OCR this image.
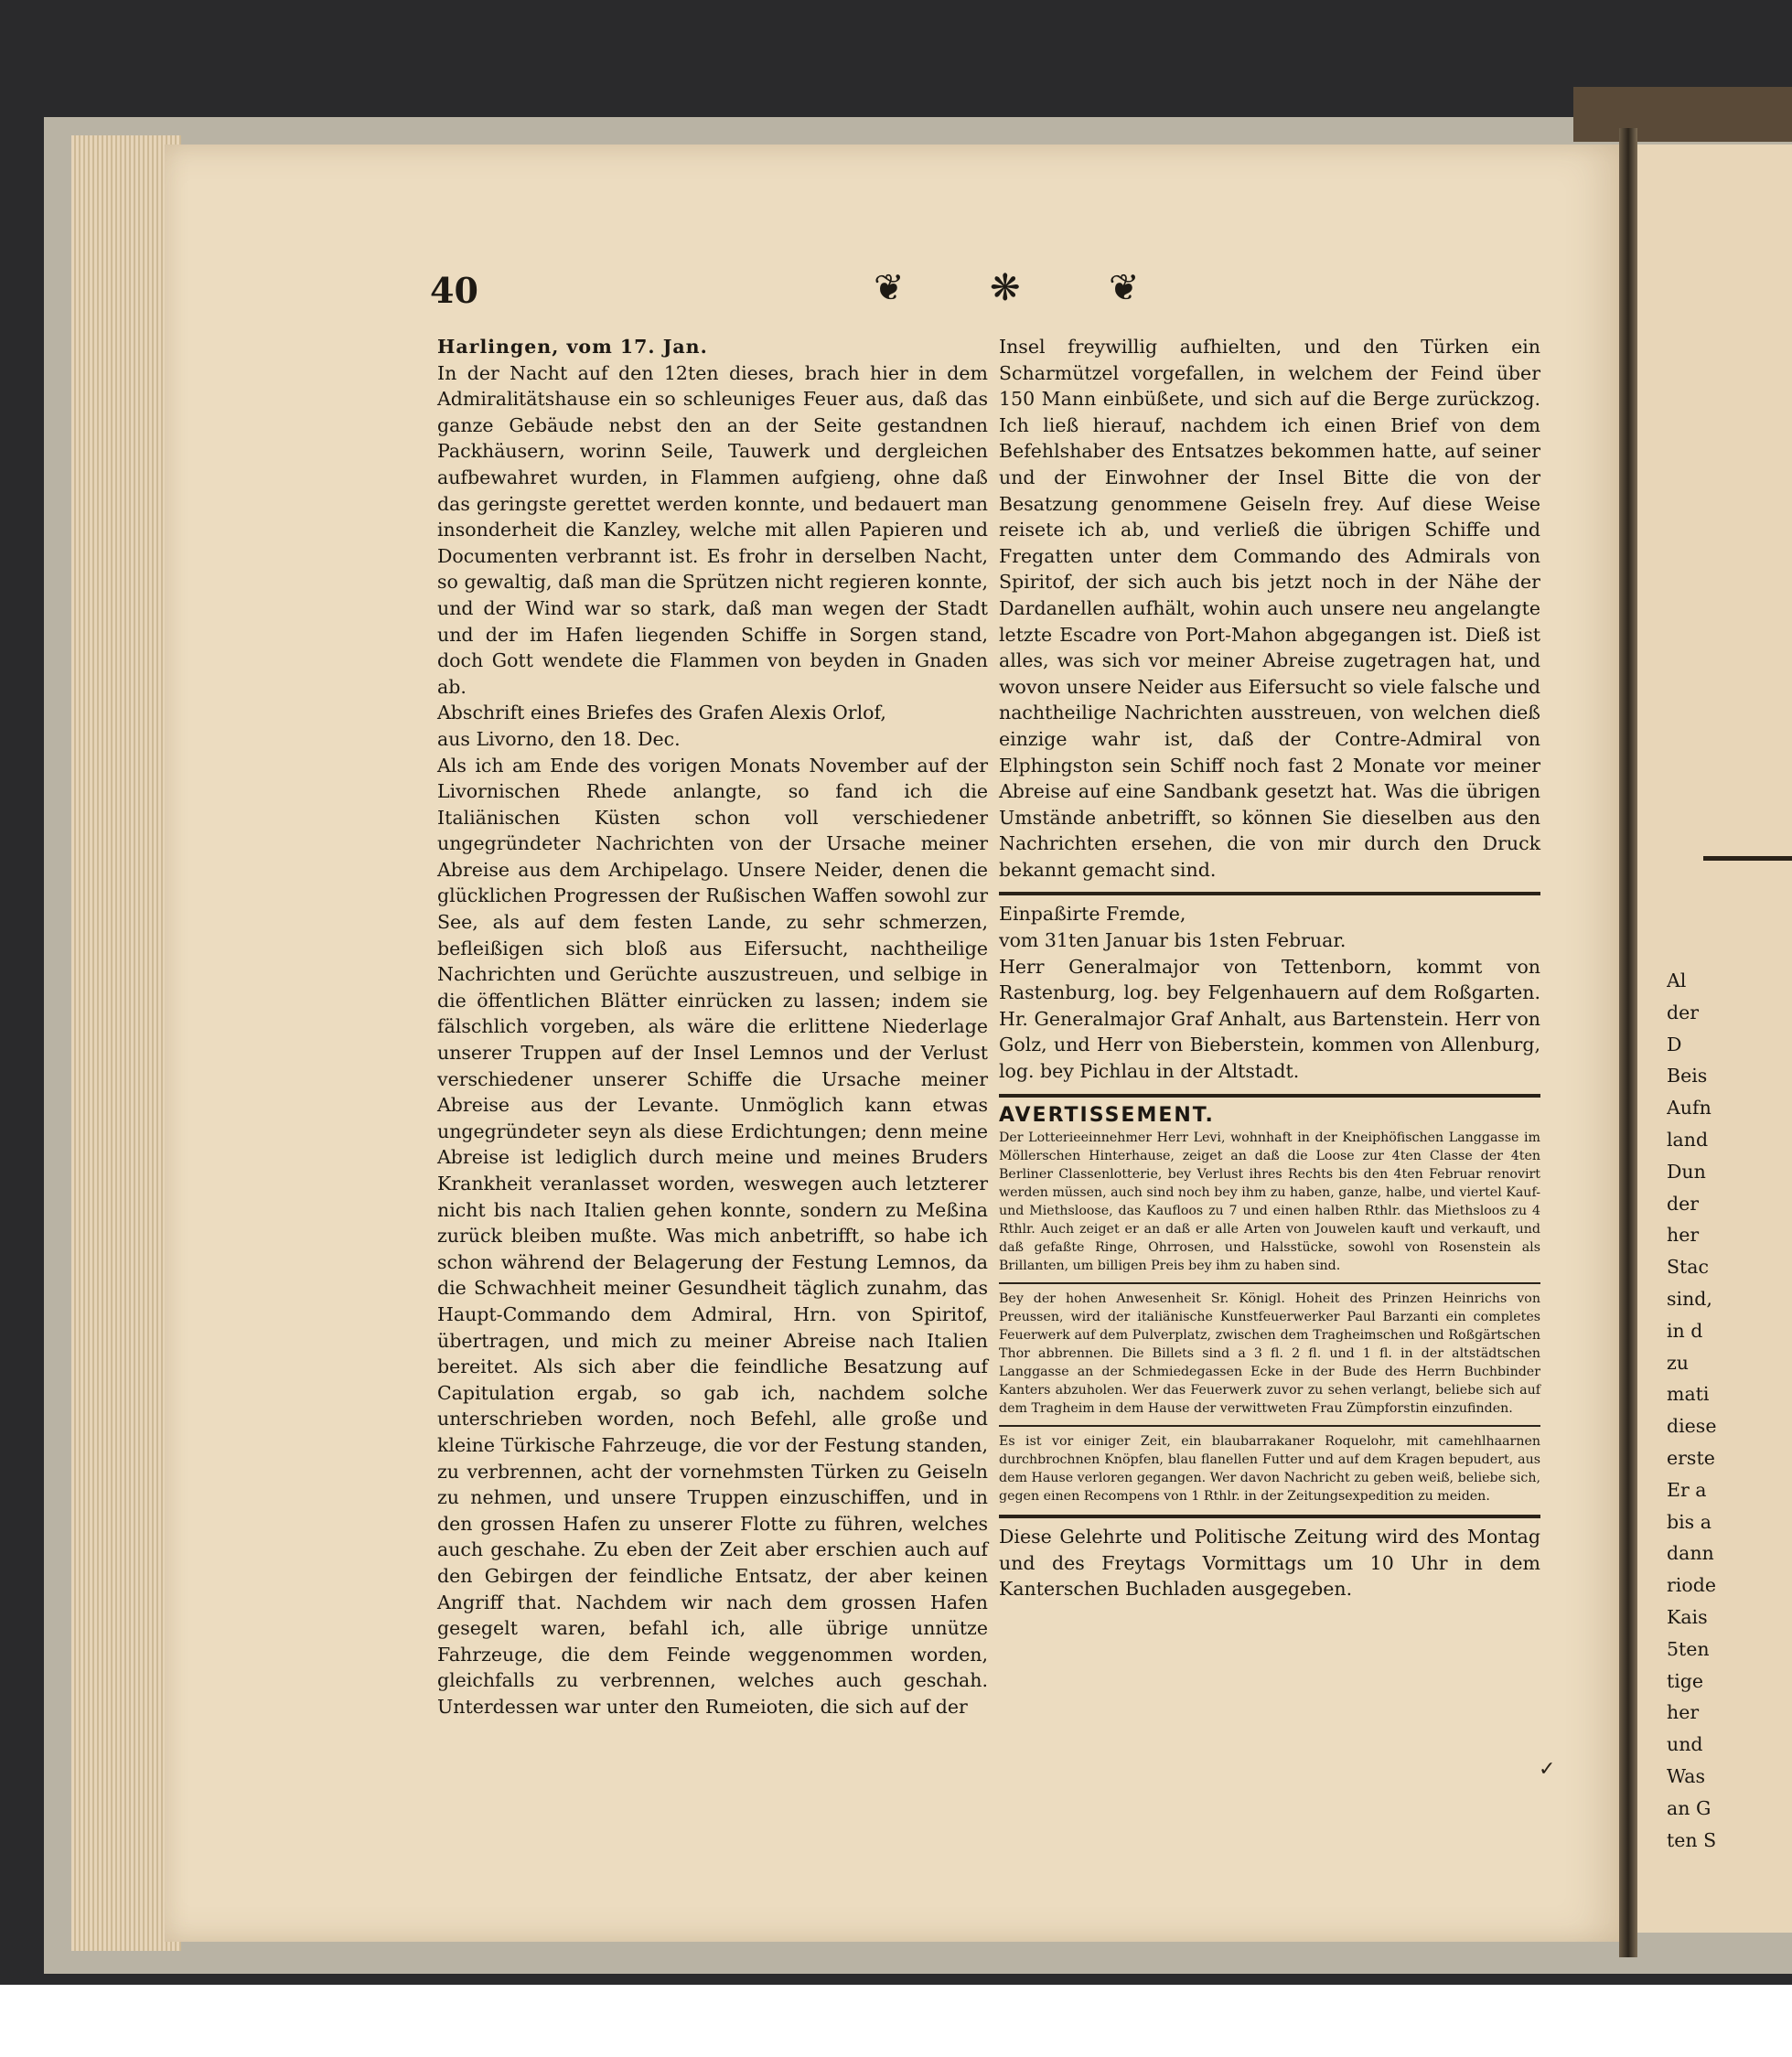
40	❦ ❋ ❦

Harlingen, vom 17. Jan.

In der Nacht auf den 12ten dieses, brach hier in dem Admiralitätshause ein so schleuniges Feuer aus, daß das ganze Gebäude nebst den an der Seite gestandnen Packhäusern, worinn Seile, Tauwerk und dergleichen aufbewahret wurden, in Flammen aufgieng, ohne daß das geringste gerettet werden konnte, und bedauert man insonderheit die Kanzley, welche mit allen Papieren und Documenten verbrannt ist. Es frohr in derselben Nacht, so gewaltig, daß man die Sprützen nicht regieren konnte, und der Wind war so stark, daß man wegen der Stadt und der im Hafen liegenden Schiffe in Sorgen stand, doch Gott wendete die Flammen von beyden in Gnaden ab.

Abschrift eines Briefes des Grafen Alexis Orlof,

aus Livorno, den 18. Dec.

Als ich am Ende des vorigen Monats November auf der Livornischen Rhede anlangte, so fand ich die Italiänischen Küsten schon voll verschiedener ungegründeter Nachrichten von der Ursache meiner Abreise aus dem Archipelago. Unsere Neider, denen die glücklichen Progressen der Rußischen Waffen sowohl zur See, als auf dem festen Lande, zu sehr schmerzen, befleißigen sich bloß aus Eifersucht, nachtheilige Nachrichten und Gerüchte auszustreuen, und selbige in die öffentlichen Blätter einrücken zu lassen; indem sie fälschlich vorgeben, als wäre die erlittene Niederlage unserer Truppen auf der Insel Lemnos und der Verlust verschiedener unserer Schiffe die Ursache meiner Abreise aus der Levante. Unmöglich kann etwas ungegründeter seyn als diese Erdichtungen; denn meine Abreise ist lediglich durch meine und meines Bruders Krankheit veranlasset worden, weswegen auch letzterer nicht bis nach Italien gehen konnte, sondern zu Meßina zurück bleiben mußte. Was mich anbetrifft, so habe ich schon während der Belagerung der Festung Lemnos, da die Schwachheit meiner Gesundheit täglich zunahm, das Haupt-Commando dem Admiral, Hrn. von Spiritof, übertragen, und mich zu meiner Abreise nach Italien bereitet. Als sich aber die feindliche Besatzung auf Capitulation ergab, so gab ich, nachdem solche unterschrieben worden, noch Befehl, alle große und kleine Türkische Fahrzeuge, die vor der Festung standen, zu verbrennen, acht der vornehmsten Türken zu Geiseln zu nehmen, und unsere Truppen einzuschiffen, und in den grossen Hafen zu unserer Flotte zu führen, welches auch geschahe. Zu eben der Zeit aber erschien auch auf den Gebirgen der feindliche Entsatz, der aber keinen Angriff that. Nachdem wir nach dem grossen Hafen gesegelt waren, befahl ich, alle übrige unnütze Fahrzeuge, die dem Feinde weggenommen worden, gleichfalls zu verbrennen, welches auch geschah. Unterdessen war unter den Rumeioten, die sich auf der

Insel freywillig aufhielten, und den Türken ein Scharmützel vorgefallen, in welchem der Feind über 150 Mann einbüßete, und sich auf die Berge zurückzog. Ich ließ hierauf, nachdem ich einen Brief von dem Befehlshaber des Entsatzes bekommen hatte, auf seiner und der Einwohner der Insel Bitte die von der Besatzung genommene Geiseln frey. Auf diese Weise reisete ich ab, und verließ die übrigen Schiffe und Fregatten unter dem Commando des Admirals von Spiritof, der sich auch bis jetzt noch in der Nähe der Dardanellen aufhält, wohin auch unsere neu angelangte letzte Escadre von Port-Mahon abgegangen ist. Dieß ist alles, was sich vor meiner Abreise zugetragen hat, und wovon unsere Neider aus Eifersucht so viele falsche und nachtheilige Nachrichten ausstreuen, von welchen dieß einzige wahr ist, daß der Contre-Admiral von Elphingston sein Schiff noch fast 2 Monate vor meiner Abreise auf eine Sandbank gesetzt hat. Was die übrigen Umstände anbetrifft, so können Sie dieselben aus den Nachrichten ersehen, die von mir durch den Druck bekannt gemacht sind.

Einpaßirte Fremde,

vom 31ten Januar bis 1sten Februar.

Herr Generalmajor von Tettenborn, kommt von Rastenburg, log. bey Felgenhauern auf dem Roßgarten. Hr. Generalmajor Graf Anhalt, aus Bartenstein. Herr von Golz, und Herr von Bieberstein, kommen von Allenburg, log. bey Pichlau in der Altstadt.

AVERTISSEMENT.

Der Lotterieeinnehmer Herr Levi, wohnhaft in der Kneiphöfischen Langgasse im Möllerschen Hinterhause, zeiget an daß die Loose zur 4ten Classe der 4ten Berliner Classenlotterie, bey Verlust ihres Rechts bis den 4ten Februar renovirt werden müssen, auch sind noch bey ihm zu haben, ganze, halbe, und viertel Kauf- und Miethsloose, das Kaufloos zu 7 und einen halben Rthlr. das Miethsloos zu 4 Rthlr. Auch zeiget er an daß er alle Arten von Jouwelen kauft und verkauft, und daß gefaßte Ringe, Ohrrosen, und Halsstücke, sowohl von Rosenstein als Brillanten, um billigen Preis bey ihm zu haben sind.

Bey der hohen Anwesenheit Sr. Königl. Hoheit des Prinzen Heinrichs von Preussen, wird der italiänische Kunstfeuerwerker Paul Barzanti ein completes Feuerwerk auf dem Pulverplatz, zwischen dem Tragheimschen und Roßgärtschen Thor abbrennen. Die Billets sind a 3 fl. 2 fl. und 1 fl. in der altstädtschen Langgasse an der Schmiedegassen Ecke in der Bude des Herrn Buchbinder Kanters abzuholen. Wer das Feuerwerk zuvor zu sehen verlangt, beliebe sich auf dem Tragheim in dem Hause der verwittweten Frau Zümpforstin einzufinden.

Es ist vor einiger Zeit, ein blaubarrakaner Roquelohr, mit camehlhaarnen durchbrochnen Knöpfen, blau flanellen Futter und auf dem Kragen bepudert, aus dem Hause verloren gegangen. Wer davon Nachricht zu geben weiß, beliebe sich, gegen einen Recompens von 1 Rthlr. in der Zeitungsexpedition zu meiden.

Diese Gelehrte und Politische Zeitung wird des Montag und des Freytags Vormittags um 10 Uhr in dem Kanterschen Buchladen ausgegeben.

Al
der
D
Beis
Aufn
land
Dun
der
her
Stac
sind,
in d
zu
mati
diese
erste
Er a
bis a
dann
riode
Kais
5ten
tige
her
und
Was
an G
ten S
✓
